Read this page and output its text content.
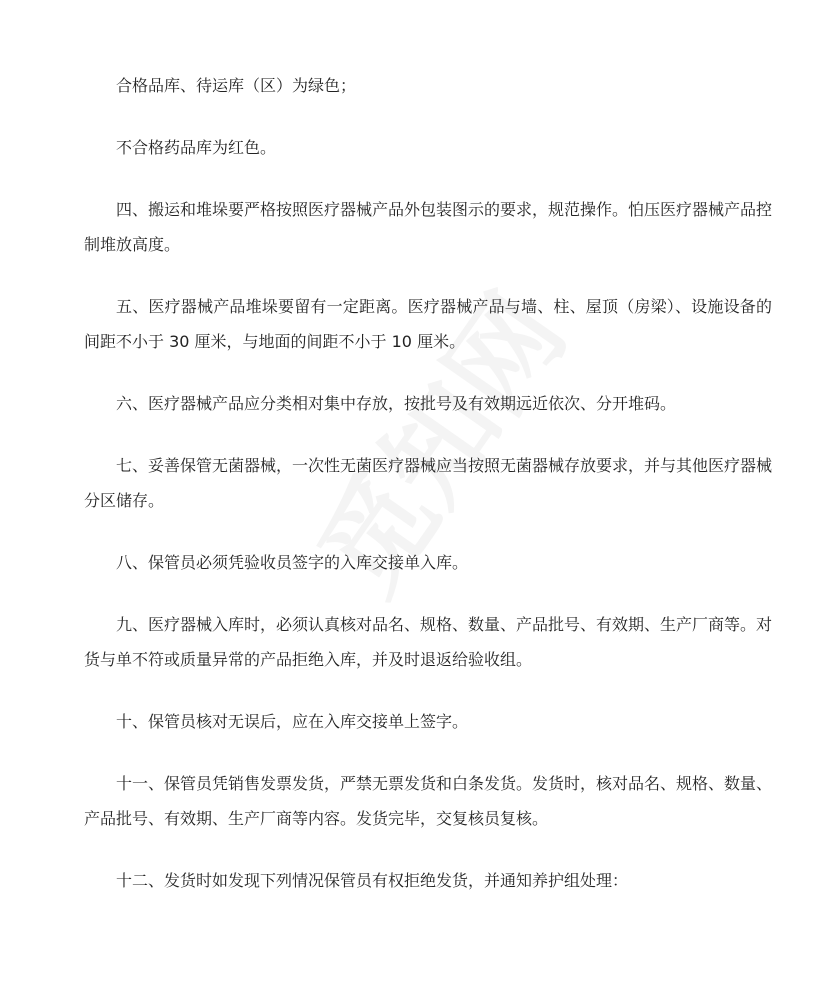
合格品库、待运库（区）为绿色；

不合格药品库为红色。

四、搬运和堆垛要严格按照医疗器械产品外包装图示的要求，规范操作。怕压医疗器械产品控制堆放高度。

五、医疗器械产品堆垛要留有一定距离。医疗器械产品与墙、柱、屋顶（房梁）、设施设备的间距不小于 30 厘米，与地面的间距不小于 10 厘米。

六、医疗器械产品应分类相对集中存放，按批号及有效期远近依次、分开堆码。

七、妥善保管无菌器械，一次性无菌医疗器械应当按照无菌器械存放要求，并与其他医疗器械分区储存。

八、保管员必须凭验收员签字的入库交接单入库。

九、医疗器械入库时，必须认真核对品名、规格、数量、产品批号、有效期、生产厂商等。对货与单不符或质量异常的产品拒绝入库，并及时退返给验收组。

十、保管员核对无误后，应在入库交接单上签字。

十一、保管员凭销售发票发货，严禁无票发货和白条发货。发货时，核对品名、规格、数量、产品批号、有效期、生产厂商等内容。发货完毕，交复核员复核。

十二、发货时如发现下列情况保管员有权拒绝发货，并通知养护组处理：
